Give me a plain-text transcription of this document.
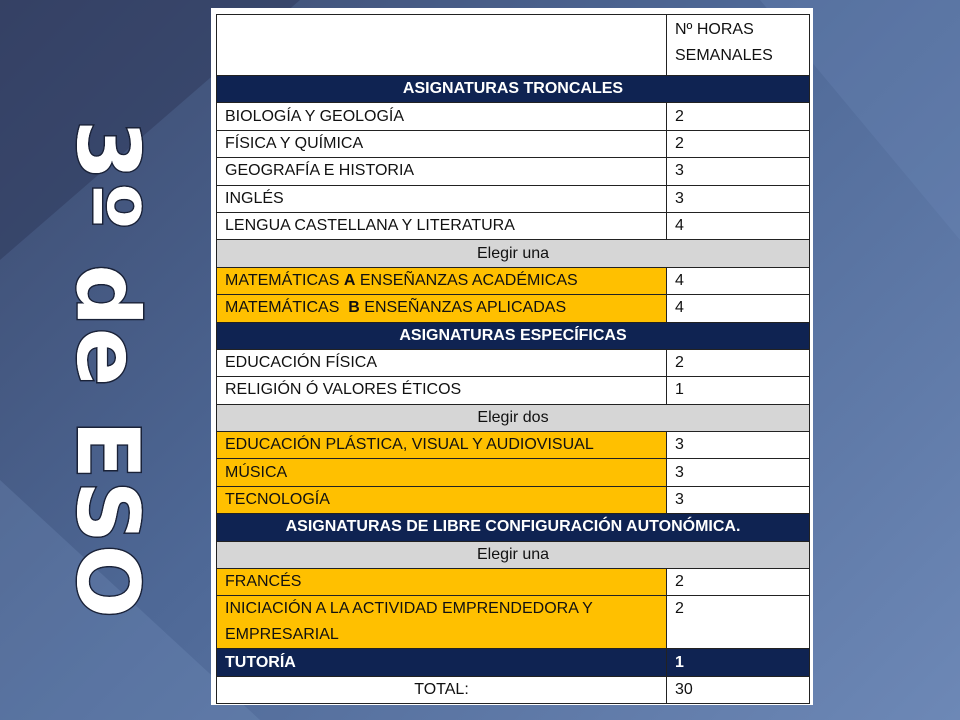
3º de ESO
	Nº HORAS SEMANALES
ASIGNATURAS TRONCALES	
BIOLOGÍA Y GEOLOGÍA	2
FÍSICA Y QUÍMICA	2
GEOGRAFÍA E HISTORIA	3
INGLÉS	3
LENGUA CASTELLANA Y LITERATURA	4
Elegir una	
MATEMÁTICAS A ENSEÑANZAS ACADÉMICAS	4
MATEMÁTICAS  B ENSEÑANZAS APLICADAS	4
ASIGNATURAS ESPECÍFICAS	
EDUCACIÓN FÍSICA	2
RELIGIÓN Ó VALORES ÉTICOS	1
Elegir dos	
EDUCACIÓN PLÁSTICA, VISUAL Y AUDIOVISUAL	3
MÚSICA	3
TECNOLOGÍA	3
ASIGNATURAS DE LIBRE CONFIGURACIÓN AUTONÓMICA.	
Elegir una	
FRANCÉS	2
INICIACIÓN A LA ACTIVIDAD EMPRENDEDORA Y EMPRESARIAL	2
TUTORÍA	1
TOTAL:	30
